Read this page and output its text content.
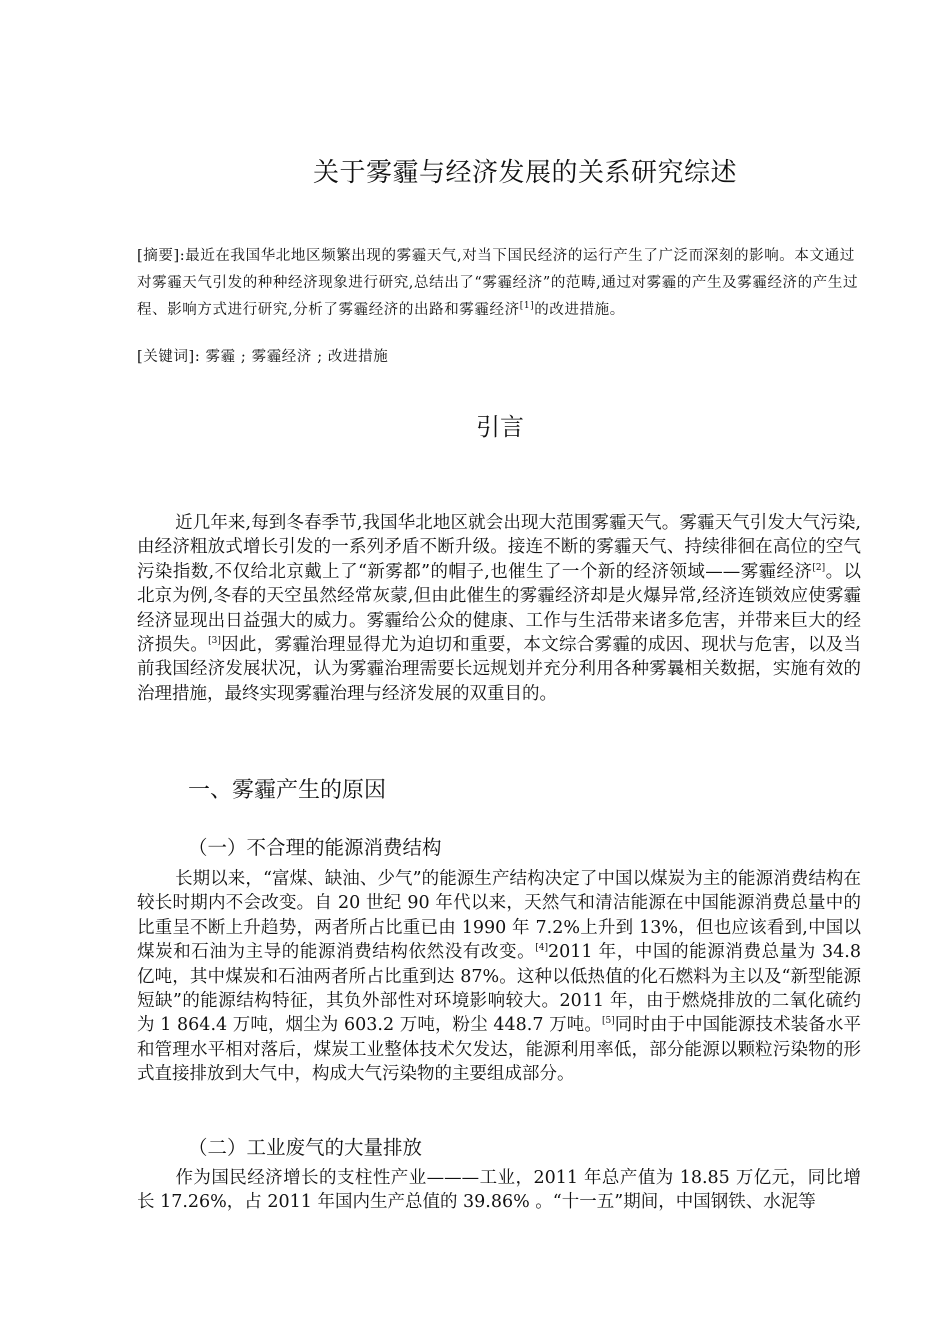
关于雾霾与经济发展的关系研究综述
[摘要]:最近在我国华北地区频繁出现的雾霾天气,对当下国民经济的运行产生了广泛而深刻的影响。本文通过对雾霾天气引发的种种经济现象进行研究,总结出了“雾霾经济”的范畴,通过对雾霾的产生及雾霾经济的产生过程、影响方式进行研究,分析了雾霾经济的出路和雾霾经济[1]的改进措施。
[关键词]: 雾霾 ; 雾霾经济 ; 改进措施
引言
近几年来,每到冬春季节,我国华北地区就会出现大范围雾霾天气。雾霾天气引发大气污染,由经济粗放式增长引发的一系列矛盾不断升级。接连不断的雾霾天气、持续徘徊在高位的空气污染指数,不仅给北京戴上了“新雾都”的帽子,也催生了一个新的经济领域——雾霾经济[2]。以北京为例,冬春的天空虽然经常灰蒙,但由此催生的雾霾经济却是火爆异常,经济连锁效应使雾霾经济显现出日益强大的威力。雾霾给公众的健康、工作与生活带来诸多危害，并带来巨大的经济损失。[3]因此，雾霾治理显得尤为迫切和重要，本文综合雾霾的成因、现状与危害，以及当前我国经济发展状况，认为雾霾治理需要长远规划并充分利用各种雾曩相关数据，实施有效的治理措施，最终实现雾霾治理与经济发展的双重目的。
一、雾霾产生的原因
（一）不合理的能源消费结构
长期以来，“富煤、缺油、少气”的能源生产结构决定了中国以煤炭为主的能源消费结构在较长时期内不会改变。自 20 世纪 90 年代以来，天然气和清洁能源在中国能源消费总量中的比重呈不断上升趋势，两者所占比重已由 1990 年 7.2%上升到 13%，但也应该看到,中国以煤炭和石油为主导的能源消费结构依然没有改变。[4]2011 年，中国的能源消费总量为 34.8 亿吨，其中煤炭和石油两者所占比重到达 87%。这种以低热值的化石燃料为主以及“新型能源短缺”的能源结构特征，其负外部性对环境影响较大。2011 年，由于燃烧排放的二氧化硫约为 1 864.4 万吨，烟尘为 603.2 万吨，粉尘 448.7 万吨。[5]同时由于中国能源技术装备水平和管理水平相对落后，煤炭工业整体技术欠发达，能源利用率低，部分能源以颗粒污染物的形式直接排放到大气中，构成大气污染物的主要组成部分。
（二）工业废气的大量排放
作为国民经济增长的支柱性产业———工业，2011 年总产值为 18.85 万亿元，同比增长 17.26%，占 2011 年国内生产总值的 39.86% 。“十一五”期间，中国钢铁、水泥等
